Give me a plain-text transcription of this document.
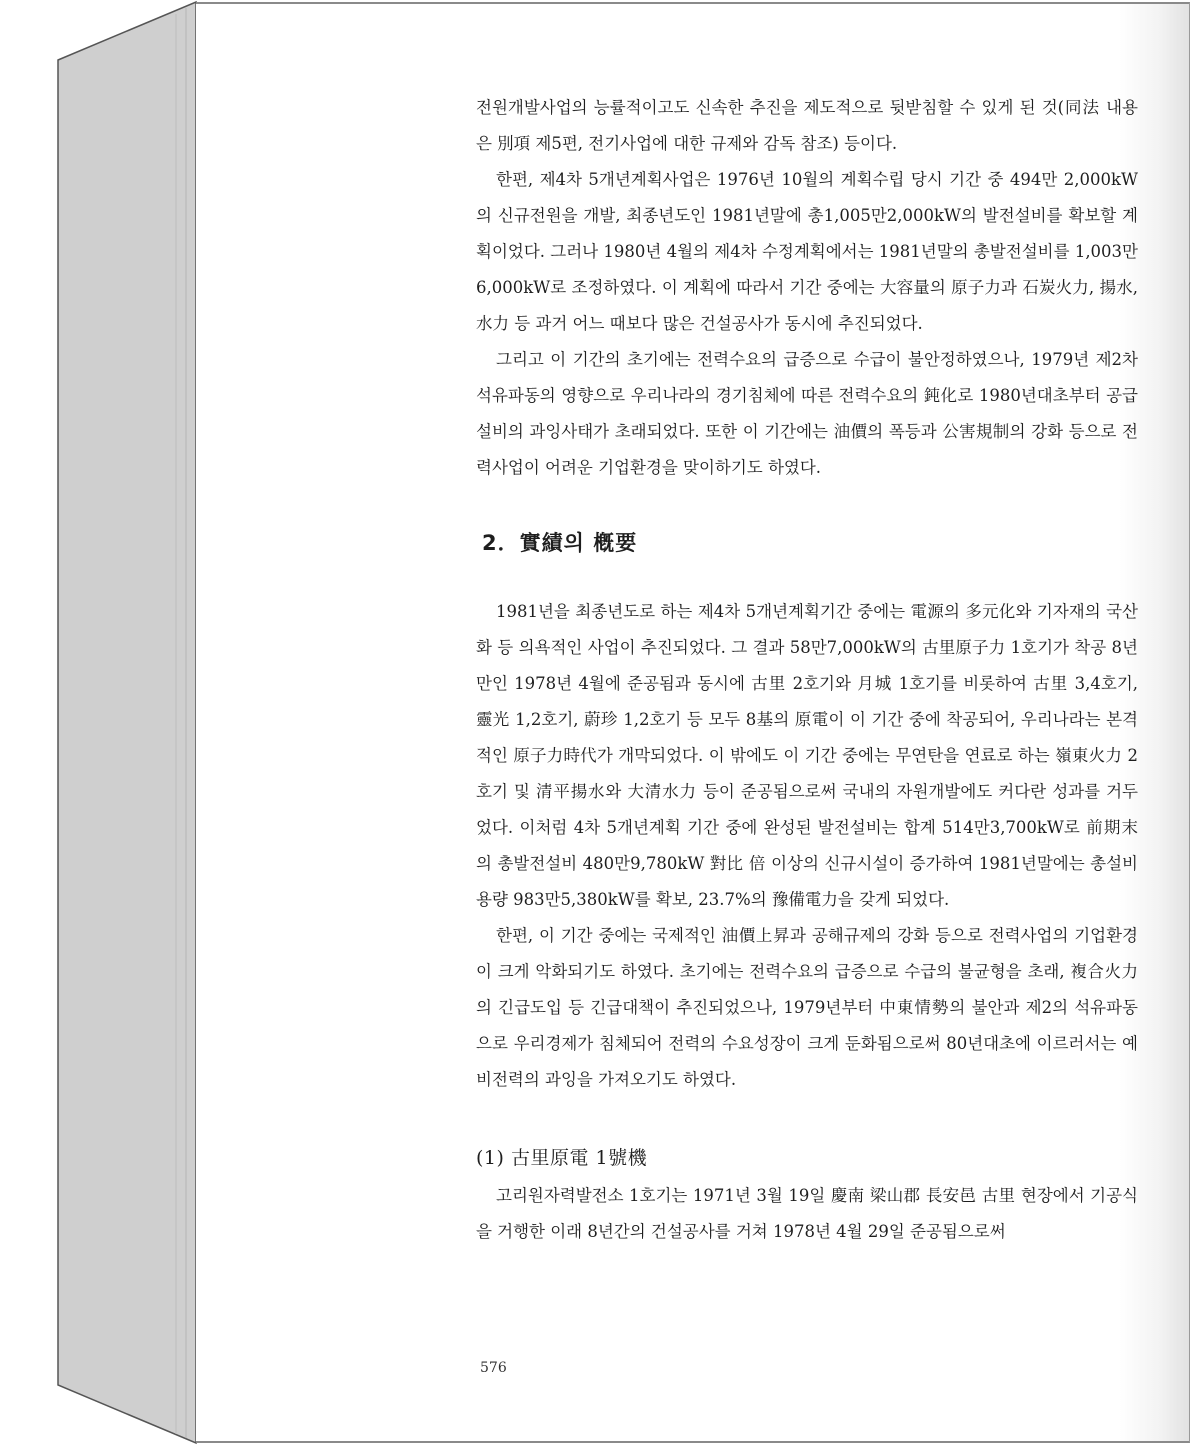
전원개발사업의 능률적이고도 신속한 추진을 제도적으로 뒷받침할 수 있게 된 것(同法 내용은 別項 제5편, 전기사업에 대한 규제와 감독 참조) 등이다.

한편, 제4차 5개년계획사업은 1976년 10월의 계획수립 당시 기간 중 494만 2,000kW의 신규전원을 개발, 최종년도인 1981년말에 총1,005만2,000kW의 발전설비를 확보할 계획이었다. 그러나 1980년 4월의 제4차 수정계획에서는 1981년말의 총발전설비를 1,003만6,000kW로 조정하였다. 이 계획에 따라서 기간 중에는 大容量의 原子力과 石炭火力, 揚水, 水力 등 과거 어느 때보다 많은 건설공사가 동시에 추진되었다.

그리고 이 기간의 초기에는 전력수요의 급증으로 수급이 불안정하였으나, 1979년 제2차 석유파동의 영향으로 우리나라의 경기침체에 따른 전력수요의 鈍化로 1980년대초부터 공급설비의 과잉사태가 초래되었다. 또한 이 기간에는 油價의 폭등과 公害規制의 강화 등으로 전력사업이 어려운 기업환경을 맞이하기도 하였다.

2．實績의 槪要

1981년을 최종년도로 하는 제4차 5개년계획기간 중에는 電源의 多元化와 기자재의 국산화 등 의욕적인 사업이 추진되었다. 그 결과 58만7,000kW의 古里原子力 1호기가 착공 8년만인 1978년 4월에 준공됨과 동시에 古里 2호기와 月城 1호기를 비롯하여 古里 3,4호기, 靈光 1,2호기, 蔚珍 1,2호기 등 모두 8基의 原電이 이 기간 중에 착공되어, 우리나라는 본격적인 原子力時代가 개막되었다. 이 밖에도 이 기간 중에는 무연탄을 연료로 하는 嶺東火力 2호기 및 清平揚水와 大清水力 등이 준공됨으로써 국내의 자원개발에도 커다란 성과를 거두었다. 이처럼 4차 5개년계획 기간 중에 완성된 발전설비는 합계 514만3,700kW로 前期末의 총발전설비 480만9,780kW 對比 倍 이상의 신규시설이 증가하여 1981년말에는 총설비용량 983만5,380kW를 확보, 23.7%의 豫備電力을 갖게 되었다.

한편, 이 기간 중에는 국제적인 油價上昇과 공해규제의 강화 등으로 전력사업의 기업환경이 크게 악화되기도 하였다. 초기에는 전력수요의 급증으로 수급의 불균형을 초래, 複合火力의 긴급도입 등 긴급대책이 추진되었으나, 1979년부터 中東情勢의 불안과 제2의 석유파동으로 우리경제가 침체되어 전력의 수요성장이 크게 둔화됨으로써 80년대초에 이르러서는 예비전력의 과잉을 가져오기도 하였다.

(1) 古里原電 1號機

고리원자력발전소 1호기는 1971년 3월 19일 慶南 梁山郡 長安邑 古里 현장에서 기공식을 거행한 이래 8년간의 건설공사를 거쳐 1978년 4월 29일 준공됨으로써

576
